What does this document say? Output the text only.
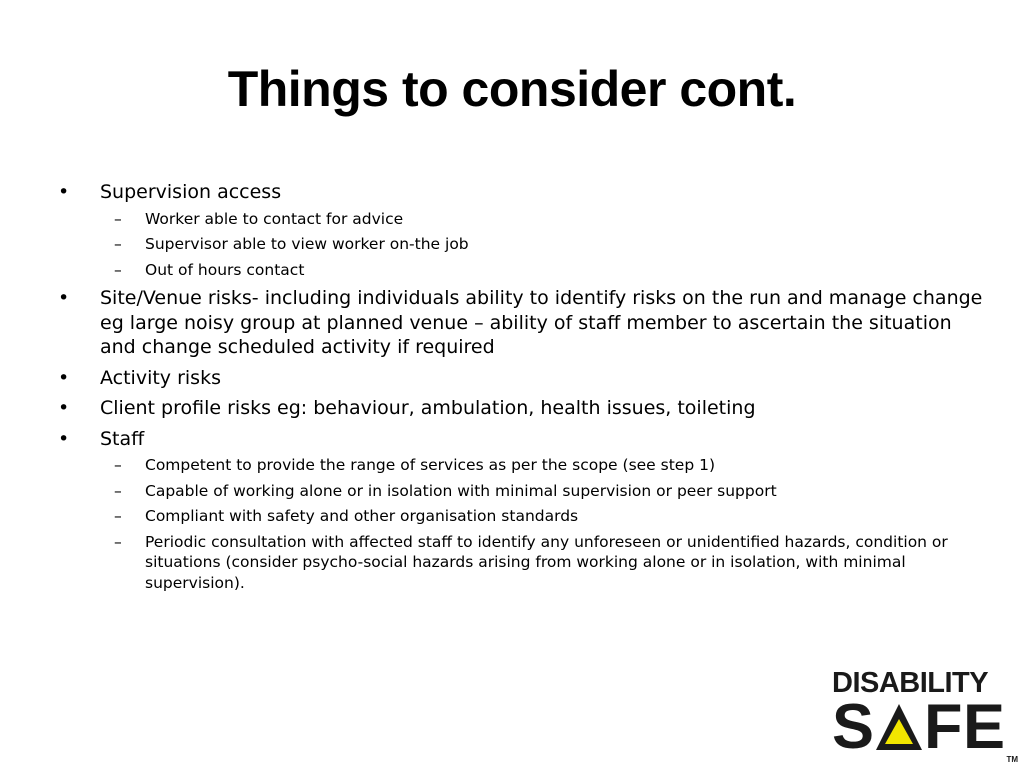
Things to consider cont.
•	Supervision access
– Worker able to contact for advice
– Supervisor able to view worker on-the job
– Out of hours contact
•	Site/Venue risks- including individuals ability to identify risks on the run and manage change eg large noisy group at planned venue – ability of staff member to ascertain the situation and change scheduled activity if required
•	Activity risks
•	Client profile risks eg: behaviour, ambulation, health issues, toileting
•	Staff
– Competent to provide the range of services as per the scope (see step 1)
– Capable of working alone or in isolation with minimal supervision or peer support
– Compliant with safety and other organisation standards
– Periodic consultation with affected staff to identify any unforeseen or unidentified hazards, condition or situations (consider psycho-social hazards arising from working alone or in isolation, with minimal supervision).
DISABILITY
S F E TM
